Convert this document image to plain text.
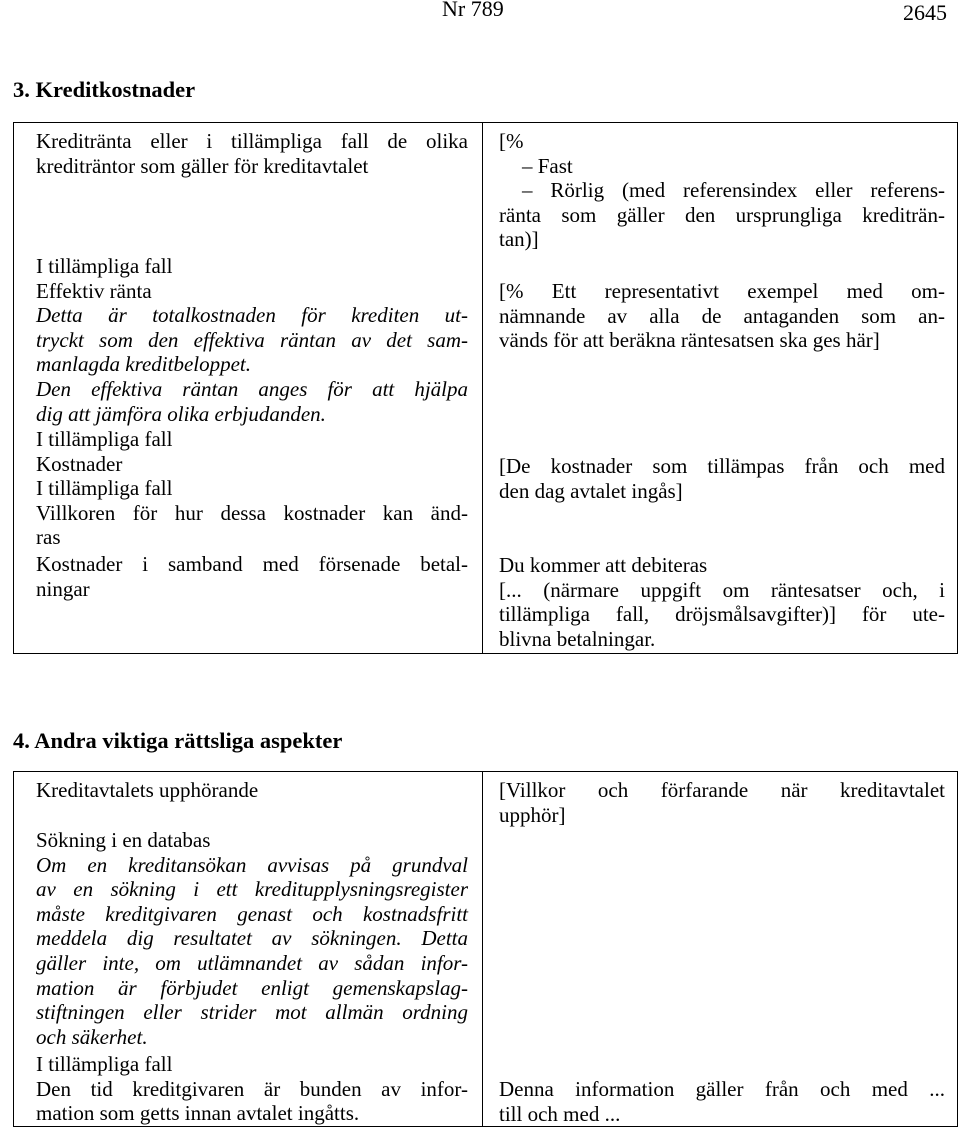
Nr 789	2645
3. Kreditkostnader

Kreditränta eller i tillämpliga fall de olika

krediträntor som gäller för kreditavtalet

I tillämpliga fall

Effektiv ränta

Detta är totalkostnaden för krediten ut-

tryckt som den effektiva räntan av det sam-

manlagda kreditbeloppet.

Den effektiva räntan anges för att hjälpa

dig att jämföra olika erbjudanden.

I tillämpliga fall

Kostnader

I tillämpliga fall

Villkoren för hur dessa kostnader kan änd-

ras

Kostnader i samband med försenade betal-

ningar

[%

– Fast

– Rörlig (med referensindex eller referens-

ränta som gäller den ursprungliga krediträn-

tan)]

[% Ett representativt exempel med om-

nämnande av alla de antaganden som an-

vänds för att beräkna räntesatsen ska ges här]

[De kostnader som tillämpas från och med

den dag avtalet ingås]

Du kommer att debiteras

[... (närmare uppgift om räntesatser och, i

tillämpliga fall, dröjsmålsavgifter)] för ute-

blivna betalningar.

4. Andra viktiga rättsliga aspekter

Kreditavtalets upphörande

Sökning i en databas

Om en kreditansökan avvisas på grundval

av en sökning i ett kreditupplysningsregister

måste kreditgivaren genast och kostnadsfritt

meddela dig resultatet av sökningen. Detta

gäller inte, om utlämnandet av sådan infor-

mation är förbjudet enligt gemenskapslag-

stiftningen eller strider mot allmän ordning

och säkerhet.

I tillämpliga fall

Den tid kreditgivaren är bunden av infor-

mation som getts innan avtalet ingåtts.

[Villkor och förfarande när kreditavtalet

upphör]

Denna information gäller från och med ...

till och med ...
